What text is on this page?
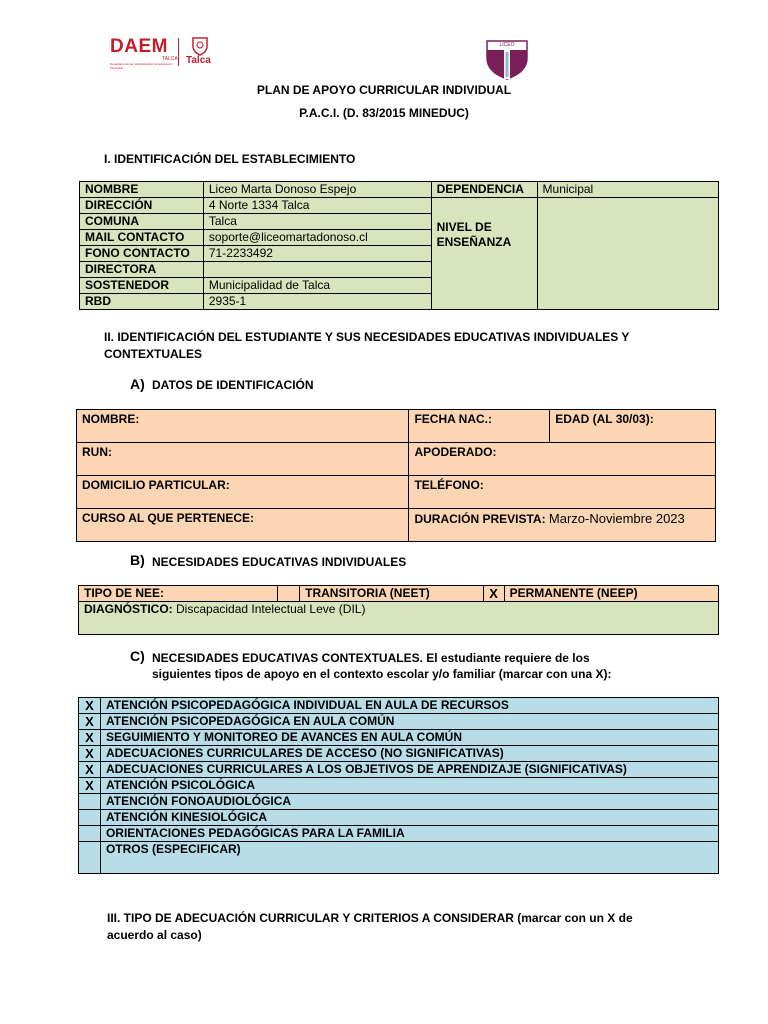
DAEM
TALCA
Departamento de Administración de Educación Municipal
Talca
LICEO
PLAN DE APOYO CURRICULAR INDIVIDUAL
P.A.C.I. (D. 83/2015 MINEDUC)
I. IDENTIFICACIÓN DEL ESTABLECIMIENTO
NOMBRE	Liceo Marta Donoso Espejo	DEPENDENCIA	Municipal
DIRECCIÓN	4 Norte 1334 Talca	NIVEL DE
ENSEÑANZA	
COMUNA	Talca		
MAIL CONTACTO	soporte@liceomartadonoso.cl		
FONO CONTACTO	71-2233492		
DIRECTORA			
SOSTENEDOR	Municipalidad de Talca		
RBD	2935-1		
II. IDENTIFICACIÓN DEL ESTUDIANTE Y SUS NECESIDADES EDUCATIVAS INDIVIDUALES Y
CONTEXTUALES
A) DATOS DE IDENTIFICACIÓN
NOMBRE:	FECHA NAC.:	EDAD (AL 30/03):
RUN:	APODERADO:	
DOMICILIO PARTICULAR:	TELÉFONO:	
CURSO AL QUE PERTENECE:	DURACIÓN PREVISTA: Marzo-Noviembre 2023	
B) NECESIDADES EDUCATIVAS INDIVIDUALES
TIPO DE NEE:		TRANSITORIA (NEET)	X	PERMANENTE (NEEP)
DIAGNÓSTICO: Discapacidad Intelectual Leve (DIL)
C) NECESIDADES EDUCATIVAS CONTEXTUALES. El estudiante requiere de los
siguientes tipos de apoyo en el contexto escolar y/o familiar (marcar con una X):
X	ATENCIÓN PSICOPEDAGÓGICA INDIVIDUAL EN AULA DE RECURSOS
X	ATENCIÓN PSICOPEDAGÓGICA EN AULA COMÚN
X	SEGUIMIENTO Y MONITOREO DE AVANCES EN AULA COMÚN
X	ADECUACIONES CURRICULARES DE ACCESO (NO SIGNIFICATIVAS)
X	ADECUACIONES CURRICULARES A LOS OBJETIVOS DE APRENDIZAJE (SIGNIFICATIVAS)
X	ATENCIÓN PSICOLÓGICA
	ATENCIÓN FONOAUDIOLÓGICA
	ATENCIÓN KINESIOLÓGICA
	ORIENTACIONES PEDAGÓGICAS PARA LA FAMILIA
	OTROS (ESPECIFICAR)
III. TIPO DE ADECUACIÓN CURRICULAR Y CRITERIOS A CONSIDERAR (marcar con un X de
acuerdo al caso)
